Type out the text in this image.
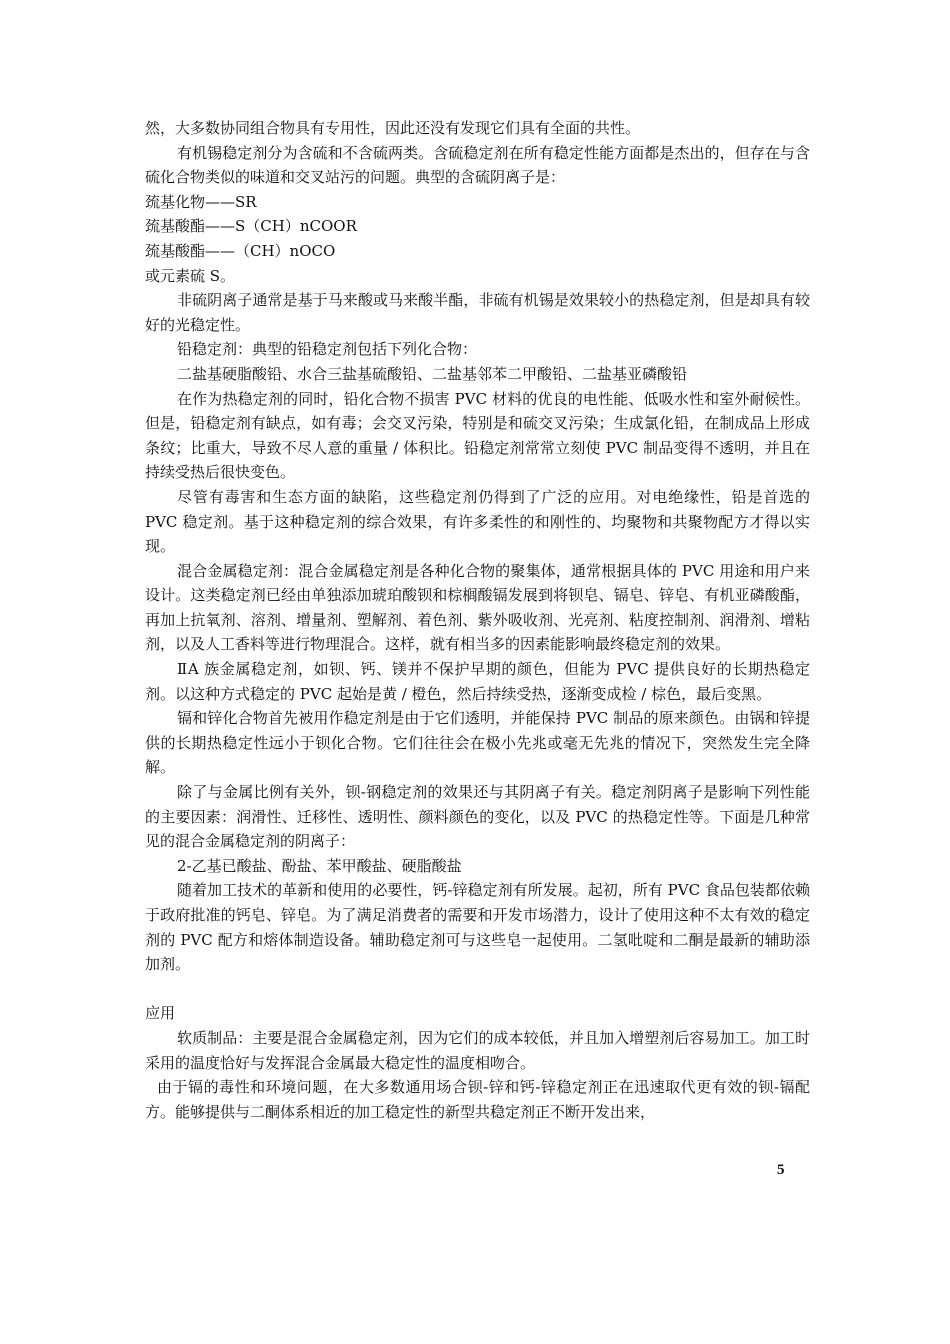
然，大多数协同组合物具有专用性，因此还没有发现它们具有全面的共性。

有机锡稳定剂分为含硫和不含硫两类。含硫稳定剂在所有稳定性能方面都是杰出的，但存在与含硫化合物类似的味道和交叉站污的问题。典型的含硫阴离子是：

巯基化物——SR

巯基酸酯——S（CH）nCOOR

巯基酸酯——（CH）nOCO

或元素硫 S。

非硫阴离子通常是基于马来酸或马来酸半酯，非硫有机锡是效果较小的热稳定剂，但是却具有较好的光稳定性。

铅稳定剂：典型的铅稳定剂包括下列化合物：

二盐基硬脂酸铅、水合三盐基硫酸铅、二盐基邻苯二甲酸铅、二盐基亚磷酸铅

在作为热稳定剂的同时，铅化合物不损害 PVC 材料的优良的电性能、低吸水性和室外耐候性。但是，铅稳定剂有缺点，如有毒；会交叉污染，特别是和硫交叉污染；生成氯化铅，在制成品上形成条纹；比重大，导致不尽人意的重量 / 体积比。铅稳定剂常常立刻使 PVC 制品变得不透明，并且在持续受热后很快变色。

尽管有毒害和生态方面的缺陷，这些稳定剂仍得到了广泛的应用。对电绝缘性，铅是首选的 PVC 稳定剂。基于这种稳定剂的综合效果，有许多柔性的和刚性的、均聚物和共聚物配方才得以实现。

混合金属稳定剂：混合金属稳定剂是各种化合物的聚集体，通常根据具体的 PVC 用途和用户来设计。这类稳定剂已经由单独添加琥珀酸钡和棕榈酸镉发展到将钡皂、镉皂、锌皂、有机亚磷酸酯，再加上抗氧剂、溶剂、增量剂、塑解剂、着色剂、紫外吸收剂、光亮剂、粘度控制剂、润滑剂、增粘剂，以及人工香料等进行物理混合。这样，就有相当多的因素能影响最终稳定剂的效果。

ⅡA 族金属稳定剂，如钡、钙、镁并不保护早期的颜色，但能为 PVC 提供良好的长期热稳定剂。以这种方式稳定的 PVC 起始是黄 / 橙色，然后持续受热，逐渐变成检 / 棕色，最后变黑。

镉和锌化合物首先被用作稳定剂是由于它们透明，并能保持 PVC 制品的原来颜色。由锅和锌提供的长期热稳定性远小于钡化合物。它们往往会在极小先兆或毫无先兆的情况下，突然发生完全降解。

除了与金属比例有关外，钡-钢稳定剂的效果还与其阴离子有关。稳定剂阴离子是影响下列性能的主要因素：润滑性、迁移性、透明性、颜料颜色的变化，以及 PVC 的热稳定性等。下面是几种常见的混合金属稳定剂的阴离子：

2-乙基已酸盐、酚盐、苯甲酸盐、硬脂酸盐

随着加工技术的革新和使用的必要性，钙-锌稳定剂有所发展。起初，所有 PVC 食品包装都依赖于政府批准的钙皂、锌皂。为了满足消费者的需要和开发市场潜力，设计了使用这种不太有效的稳定剂的 PVC 配方和熔体制造设备。辅助稳定剂可与这些皂一起使用。二氢吡啶和二酮是最新的辅助添加剂。

应用

软质制品：主要是混合金属稳定剂，因为它们的成本较低，并且加入增塑剂后容易加工。加工时采用的温度恰好与发挥混合金属最大稳定性的温度相吻合。

由于镉的毒性和环境问题，在大多数通用场合钡-锌和钙-锌稳定剂正在迅速取代更有效的钡-镉配方。能够提供与二酮体系相近的加工稳定性的新型共稳定剂正不断开发出来，

5
